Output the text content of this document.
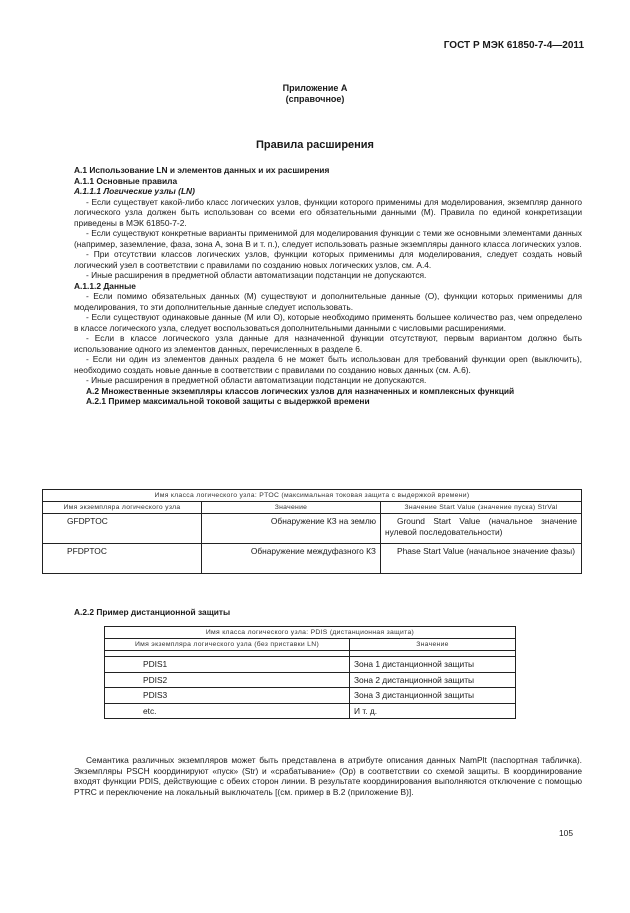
ГОСТ Р МЭК 61850-7-4—2011
Приложение А
(справочное)
Правила расширения

А.1 Использование LN и элементов данных и их расширения

А.1.1 Основные правила

А.1.1.1 Логические узлы (LN)

- Если существует какой-либо класс логических узлов, функции которого применимы для моделирования, экземпляр данного логического узла должен быть использован со всеми его обязательными данными (М). Правила по единой конкретизации приведены в МЭК 61850-7-2.

- Если существуют конкретные варианты применимой для моделирования функции с теми же основными элементами данных (например, заземление, фаза, зона А, зона В и т. п.), следует использовать разные экземпляры данного класса логических узлов.

- При отсутствии классов логических узлов, функции которых применимы для моделирования, следует создать новый логический узел в соответствии с правилами по созданию новых логических узлов, см. А.4.

- Иные расширения в предметной области автоматизации подстанции не допускаются.

А.1.1.2 Данные

- Если помимо обязательных данных (М) существуют и дополнительные данные (О), функции которых применимы для моделирования, то эти дополнительные данные следует использовать.

- Если существуют одинаковые данные (М или О), которые необходимо применять большее количество раз, чем определено в классе логического узла, следует воспользоваться дополнительными данными с числовыми расширениями.

- Если в классе логического узла данные для назначенной функции отсутствуют, первым вариантом должно быть использование одного из элементов данных, перечисленных в разделе 6.

- Если ни один из элементов данных раздела 6 не может быть использован для требований функции open (выключить), необходимо создать новые данные в соответствии с правилами по созданию новых данных (см. А.6).

- Иные расширения в предметной области автоматизации подстанции не допускаются.

А.2 Множественные экземпляры классов логических узлов для назначенных и комплексных функций

А.2.1 Пример максимальной токовой защиты с выдержкой времени

Имя класса логического узла: PTOC (максимальная токовая защита с выдержкой времени)		
Имя экземпляра логического узла	Значение	Значение Start Value (значение пуска) StrVal
GFDPTOC	Обнаружение КЗ на землю	Ground Start Value (начальное значение нулевой последовательности)
PFDPTOC	Обнаружение междуфазного КЗ	Phase Start Value (начальное значение фазы)
А.2.2 Пример дистанционной защиты
Имя класса логического узла: PDIS (дистанционная защита)	
Имя экземпляра логического узла (без приставки LN)	Значение

PDIS1	Зона 1 дистанционной защиты
PDIS2	Зона 2 дистанционной защиты
PDIS3	Зона 3 дистанционной защиты
etc.	И т. д.

Семантика различных экземпляров может быть представлена в атрибуте описания данных NamPlt (паспортная табличка). Экземпляры PSCH координируют «пуск» (Str) и «срабатывание» (Op) в соответствии со схемой защиты. В координирование входят функции PDIS, действующие с обеих сторон линии. В результате координирования выполняются отключение с помощью PTRC и переключение на локальный выключатель [(см. пример в В.2 (приложение В)].

105
